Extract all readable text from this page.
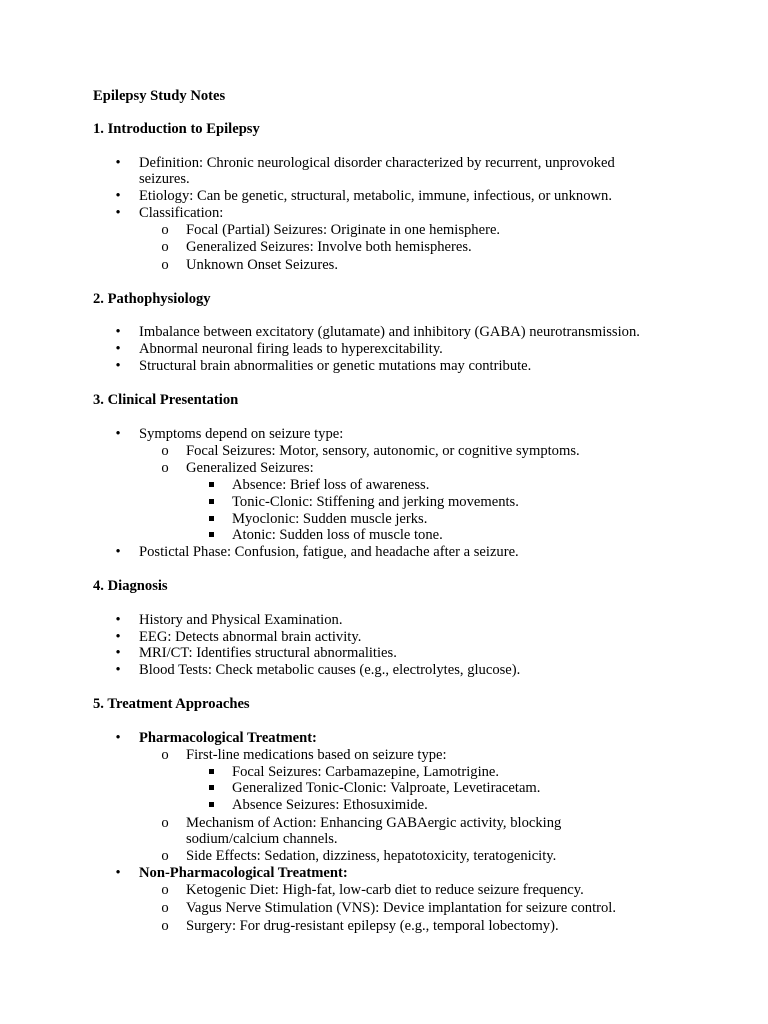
Epilepsy Study Notes
1. Introduction to Epilepsy
• Definition: Chronic neurological disorder characterized by recurrent, unprovoked
seizures.
• Etiology: Can be genetic, structural, metabolic, immune, infectious, or unknown.
• Classification:
o Focal (Partial) Seizures: Originate in one hemisphere.
o Generalized Seizures: Involve both hemispheres.
o Unknown Onset Seizures.
2. Pathophysiology
• Imbalance between excitatory (glutamate) and inhibitory (GABA) neurotransmission.
• Abnormal neuronal firing leads to hyperexcitability.
• Structural brain abnormalities or genetic mutations may contribute.
3. Clinical Presentation
• Symptoms depend on seizure type:
o Focal Seizures: Motor, sensory, autonomic, or cognitive symptoms.
o Generalized Seizures:
Absence: Brief loss of awareness.
Tonic-Clonic: Stiffening and jerking movements.
Myoclonic: Sudden muscle jerks.
Atonic: Sudden loss of muscle tone.
• Postictal Phase: Confusion, fatigue, and headache after a seizure.
4. Diagnosis
• History and Physical Examination.
• EEG: Detects abnormal brain activity.
• MRI/CT: Identifies structural abnormalities.
• Blood Tests: Check metabolic causes (e.g., electrolytes, glucose).
5. Treatment Approaches
• Pharmacological Treatment:
o First-line medications based on seizure type:
Focal Seizures: Carbamazepine, Lamotrigine.
Generalized Tonic-Clonic: Valproate, Levetiracetam.
Absence Seizures: Ethosuximide.
o Mechanism of Action: Enhancing GABAergic activity, blocking
sodium/calcium channels.
o Side Effects: Sedation, dizziness, hepatotoxicity, teratogenicity.
• Non-Pharmacological Treatment:
o Ketogenic Diet: High-fat, low-carb diet to reduce seizure frequency.
o Vagus Nerve Stimulation (VNS): Device implantation for seizure control.
o Surgery: For drug-resistant epilepsy (e.g., temporal lobectomy).
